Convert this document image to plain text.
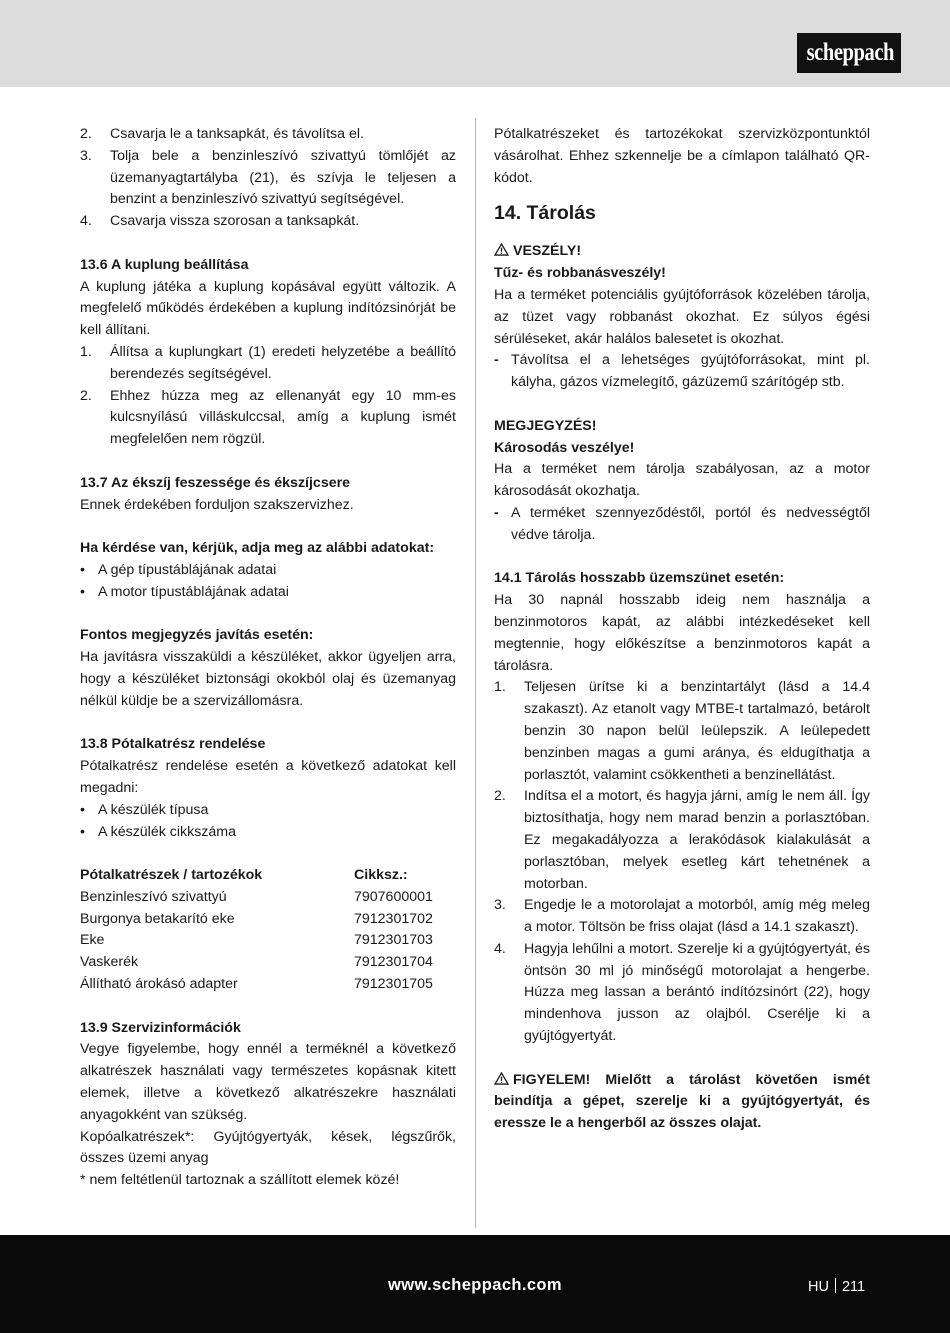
scheppach
2.	Csavarja le a tanksapkát, és távolítsa el.
3.	Tolja bele a benzinleszívó szivattyú tömlőjét az üzemanyagtartályba (21), és szívja le teljesen a benzint a benzinleszívó szivattyú segítségével.
4.	Csavarja vissza szorosan a tanksapkát.

13.6 A kuplung beállítása

A kuplung játéka a kuplung kopásával együtt változik. A megfelelő működés érdekében a kuplung indítózsinórját be kell állítani.

1.	Állítsa a kuplungkart (1) eredeti helyzetébe a beállító berendezés segítségével.
2.	Ehhez húzza meg az ellenanyát egy 10 mm-es kulcsnyílású villáskulccsal, amíg a kuplung ismét megfelelően nem rögzül.

13.7 Az ékszíj feszessége és ékszíjcsere

Ennek érdekében forduljon szakszervizhez.

Ha kérdése van, kérjük, adja meg az alábbi adatokat:

• A gép típustáblájának adatai
• A motor típustáblájának adatai

Fontos megjegyzés javítás esetén:

Ha javításra visszaküldi a készüléket, akkor ügyeljen arra, hogy a készüléket biztonsági okokból olaj és üzemanyag nélkül küldje be a szervizállomásra.

13.8 Pótalkatrész rendelése

Pótalkatrész rendelése esetén a következő adatokat kell megadni:

• A készülék típusa
• A készülék cikkszáma
Pótalkatrészek / tartozékok	Cikksz.:
Benzinleszívó szivattyú	7907600001
Burgonya betakarító eke	7912301702
Eke	7912301703
Vaskerék	7912301704
Állítható árokásó adapter	7912301705

13.9 Szervizinformációk

Vegye figyelembe, hogy ennél a terméknél a következő alkatrészek használati vagy természetes kopásnak kitett elemek, illetve a következő alkatrészekre használati anyagokként van szükség.

Kopóalkatrészek*: Gyújtógyertyák, kések, légszűrők, összes üzemi anyag

* nem feltétlenül tartoznak a szállított elemek közé!

Pótalkatrészeket és tartozékokat szervizközpontunktól vásárolhat. Ehhez szkennelje be a címlapon található QR-kódot.

14. Tárolás

VESZÉLY!

Tűz- és robbanásveszély!

Ha a terméket potenciális gyújtóforrások közelében tárolja, az tüzet vagy robbanást okozhat. Ez súlyos égési sérüléseket, akár halálos balesetet is okozhat.

- Távolítsa el a lehetséges gyújtóforrásokat, mint pl. kályha, gázos vízmelegítő, gázüzemű szárítógép stb.

MEGJEGYZÉS!

Károsodás veszélye!

Ha a terméket nem tárolja szabályosan, az a motor károsodását okozhatja.

- A terméket szennyeződéstől, portól és nedvességtől védve tárolja.

14.1 Tárolás hosszabb üzemszünet esetén:

Ha 30 napnál hosszabb ideig nem használja a benzinmotoros kapát, az alábbi intézkedéseket kell megtennie, hogy előkészítse a benzinmotoros kapát a tárolásra.

1.	Teljesen ürítse ki a benzintartályt (lásd a 14.4 szakaszt). Az etanolt vagy MTBE-t tartalmazó, betárolt benzin 30 napon belül leülepszik. A leülepedett benzinben magas a gumi aránya, és eldugíthatja a porlasztót, valamint csökkentheti a benzinellátást.
2.	Indítsa el a motort, és hagyja járni, amíg le nem áll. Így biztosíthatja, hogy nem marad benzin a porlasztóban. Ez megakadályozza a lerakódások kialakulását a porlasztóban, melyek esetleg kárt tehetnének a motorban.
3.	Engedje le a motorolajat a motorból, amíg még meleg a motor. Töltsön be friss olajat (lásd a 14.1 szakaszt).
4.	Hagyja lehűlni a motort. Szerelje ki a gyújtógyertyát, és öntsön 30 ml jó minőségű motorolajat a hengerbe. Húzza meg lassan a berántó indítózsinórt (22), hogy mindenhova jusson az olajból. Cserélje ki a gyújtógyertyát.

FIGYELEM! Mielőtt a tárolást követően ismét beindítja a gépet, szerelje ki a gyújtógyertyát, és eressze le a hengerből az összes olajat.

www.scheppach.com	HU 211
